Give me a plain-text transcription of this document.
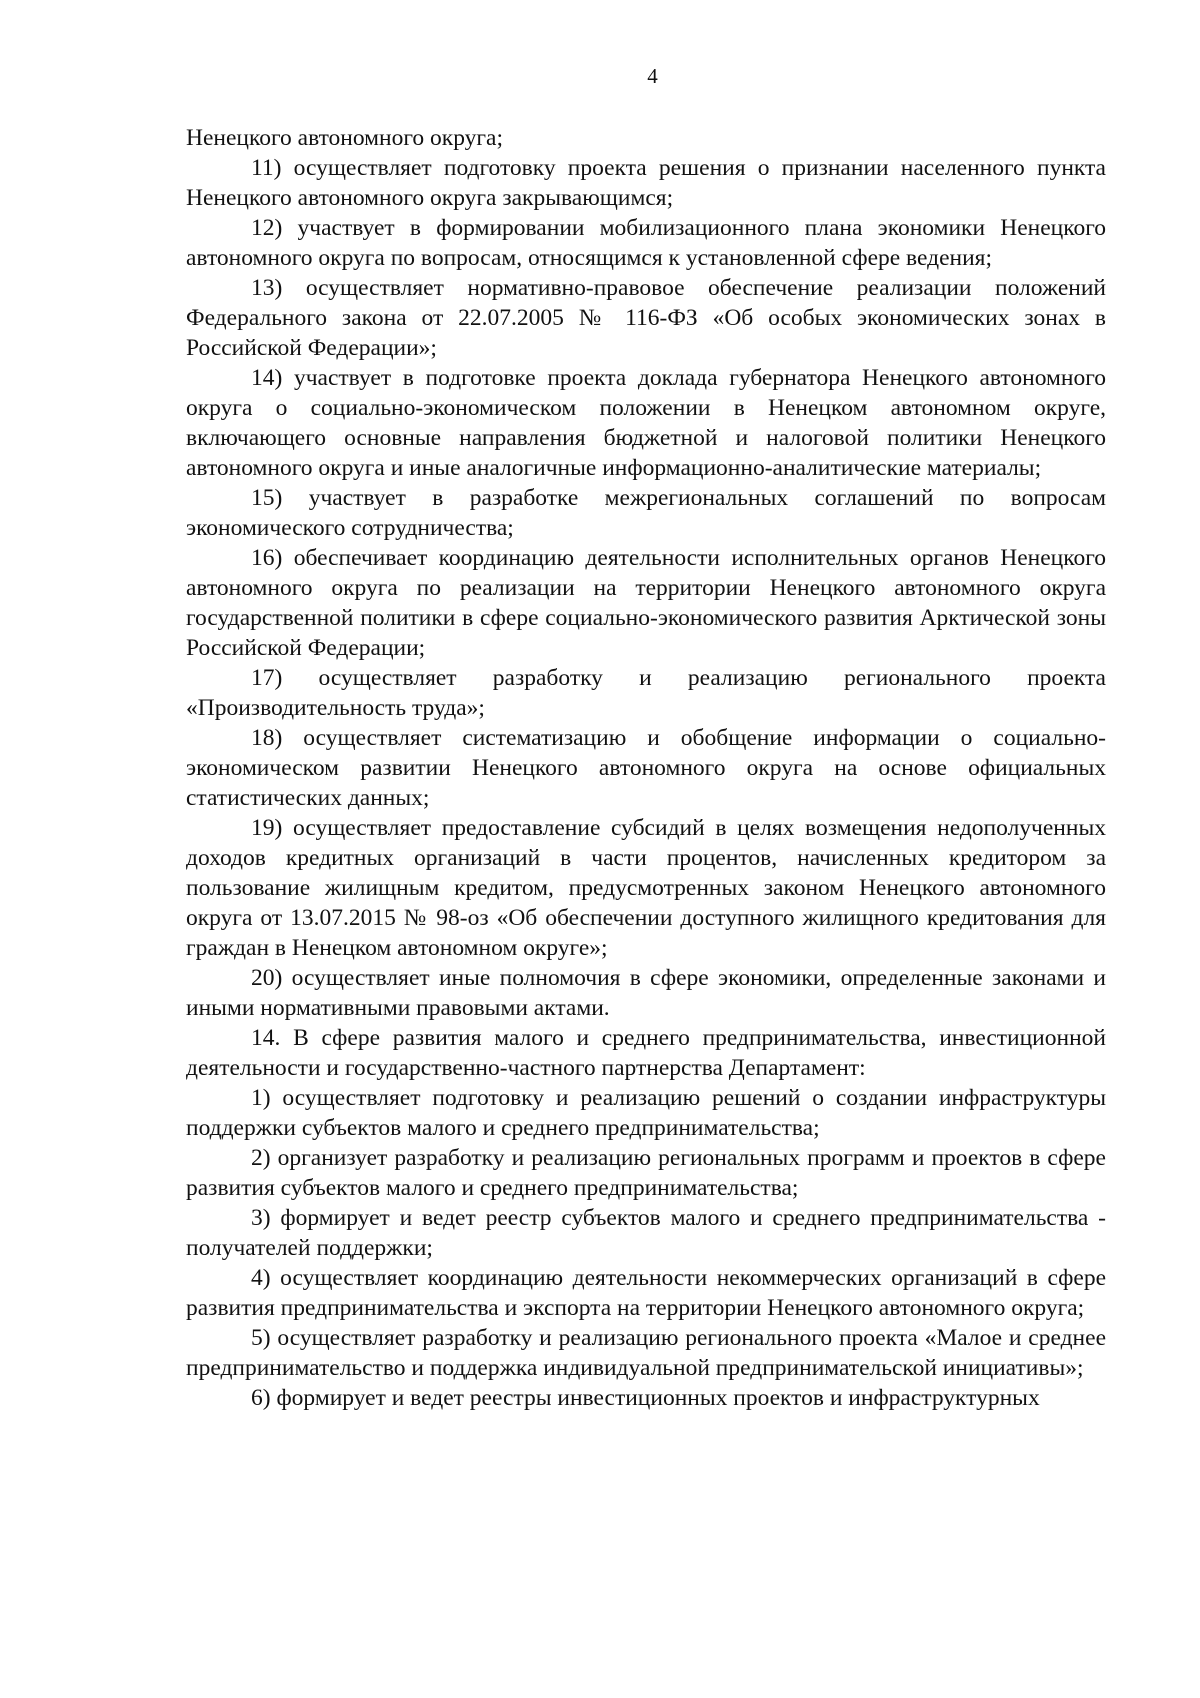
4

Ненецкого автономного округа;

11) осуществляет подготовку проекта решения о признании населенного пункта Ненецкого автономного округа закрывающимся;

12) участвует в формировании мобилизационного плана экономики Ненецкого автономного округа по вопросам, относящимся к установленной сфере ведения;

13) осуществляет нормативно-правовое обеспечение реализации положений Федерального закона от 22.07.2005 № 116-ФЗ «Об особых экономических зонах в Российской Федерации»;

14) участвует в подготовке проекта доклада губернатора Ненецкого автономного округа о социально-экономическом положении в Ненецком автономном округе, включающего основные направления бюджетной и налоговой политики Ненецкого автономного округа и иные аналогичные информационно-аналитические материалы;

15) участвует в разработке межрегиональных соглашений по вопросам экономического сотрудничества;

16) обеспечивает координацию деятельности исполнительных органов Ненецкого автономного округа по реализации на территории Ненецкого автономного округа государственной политики в сфере социально-экономического развития Арктической зоны Российской Федерации;

17) осуществляет разработку и реализацию регионального проекта «Производительность труда»;

18) осуществляет систематизацию и обобщение информации о социально-экономическом развитии Ненецкого автономного округа на основе официальных статистических данных;

19) осуществляет предоставление субсидий в целях возмещения недополученных доходов кредитных организаций в части процентов, начисленных кредитором за пользование жилищным кредитом, предусмотренных законом Ненецкого автономного округа от 13.07.2015 № 98-оз «Об обеспечении доступного жилищного кредитования для граждан в Ненецком автономном округе»;

20) осуществляет иные полномочия в сфере экономики, определенные законами и иными нормативными правовыми актами.

14. В сфере развития малого и среднего предпринимательства, инвестиционной деятельности и государственно-частного партнерства Департамент:

1) осуществляет подготовку и реализацию решений о создании инфраструктуры поддержки субъектов малого и среднего предпринимательства;

2) организует разработку и реализацию региональных программ и проектов в сфере развития субъектов малого и среднего предпринимательства;

3) формирует и ведет реестр субъектов малого и среднего предпринимательства - получателей поддержки;

4) осуществляет координацию деятельности некоммерческих организаций в сфере развития предпринимательства и экспорта на территории Ненецкого автономного округа;

5) осуществляет разработку и реализацию регионального проекта «Малое и среднее предпринимательство и поддержка индивидуальной предпринимательской инициативы»;

6) формирует и ведет реестры инвестиционных проектов и инфраструктурных
